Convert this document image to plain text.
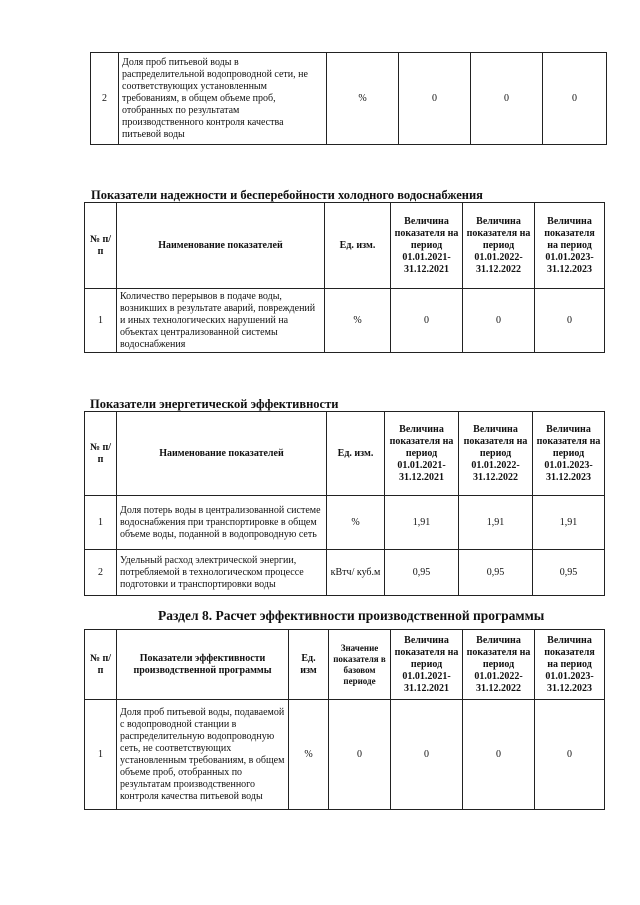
2	Доля проб питьевой воды в распределительной водопроводной сети, не соответствующих установленным требованиям, в общем объеме проб, отобранных по результатам производственного контроля качества питьевой воды	%	0	0	0
Показатели надежности и бесперебойности холодного водоснабжения
№ п/п	Наименование показателей	Ед. изм.	Величина показателя на период 01.01.2021-31.12.2021	Величина показателя на период 01.01.2022-31.12.2022	Величина показателя на период 01.01.2023-31.12.2023
1	Количество перерывов в подаче воды, возникших в результате аварий, повреждений и иных технологических нарушений на объектах централизованной системы водоснабжения	%	0	0	0
Показатели энергетической эффективности
№ п/п	Наименование показателей	Ед. изм.	Величина показателя на период 01.01.2021-31.12.2021	Величина показателя на период 01.01.2022-31.12.2022	Величина показателя на период 01.01.2023-31.12.2023
1	Доля потерь воды в централизованной системе водоснабжения при транспортировке в общем объеме воды, поданной в водопроводную сеть	%	1,91	1,91	1,91
2	Удельный расход электрической энергии, потребляемой в технологическом процессе подготовки и транспортировки воды	кВтч/ куб.м	0,95	0,95	0,95
Раздел 8. Расчет эффективности производственной программы
№ п/п	Показатели эффективности производственной программы	Ед. изм	Значение показателя в базовом периоде	Величина показателя на период 01.01.2021-31.12.2021	Величина показателя на период 01.01.2022-31.12.2022	Величина показателя на период 01.01.2023-31.12.2023
1	Доля проб питьевой воды, подаваемой с водопроводной станции в распределительную водопроводную сеть, не соответствующих установленным требованиям, в общем объеме проб, отобранных по результатам производственного контроля качества питьевой воды	%	0	0	0	0
